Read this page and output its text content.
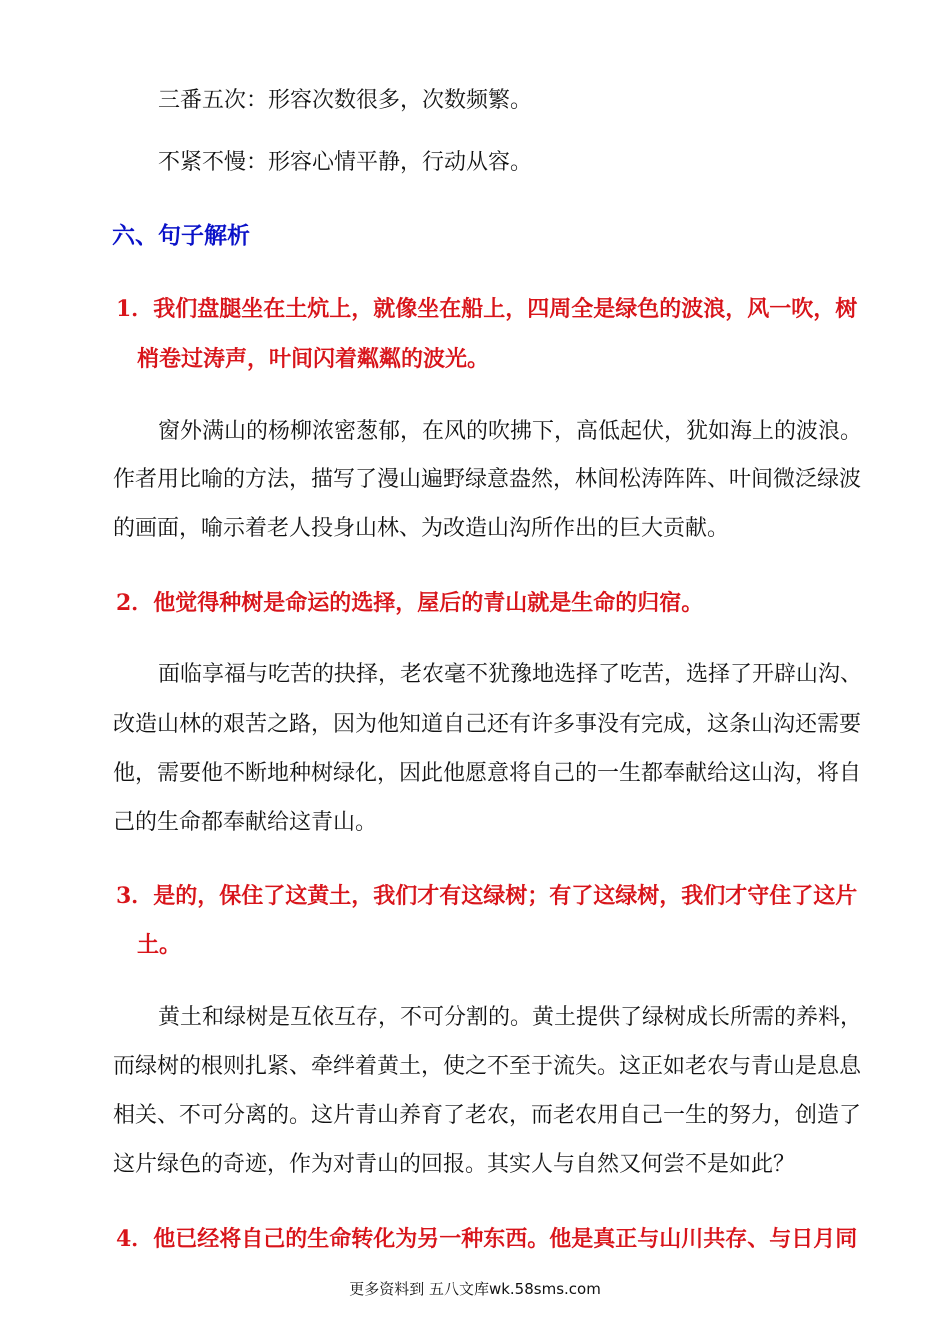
三番五次：形容次数很多，次数频繁。
不紧不慢：形容心情平静，行动从容。
六、句子解析
1．我们盘腿坐在土炕上，就像坐在船上，四周全是绿色的波浪，风一吹，树
梢卷过涛声，叶间闪着粼粼的波光。
窗外满山的杨柳浓密葱郁，在风的吹拂下，高低起伏，犹如海上的波浪。
作者用比喻的方法，描写了漫山遍野绿意盎然，林间松涛阵阵、叶间微泛绿波
的画面，喻示着老人投身山林、为改造山沟所作出的巨大贡献。
2．他觉得种树是命运的选择，屋后的青山就是生命的归宿。
面临享福与吃苦的抉择，老农毫不犹豫地选择了吃苦，选择了开辟山沟、
改造山林的艰苦之路，因为他知道自己还有许多事没有完成，这条山沟还需要
他，需要他不断地种树绿化，因此他愿意将自己的一生都奉献给这山沟，将自
己的生命都奉献给这青山。
3．是的，保住了这黄土，我们才有这绿树；有了这绿树，我们才守住了这片
土。
黄土和绿树是互依互存，不可分割的。黄土提供了绿树成长所需的养料，
而绿树的根则扎紧、牵绊着黄土，使之不至于流失。这正如老农与青山是息息
相关、不可分离的。这片青山养育了老农，而老农用自己一生的努力，创造了
这片绿色的奇迹，作为对青山的回报。其实人与自然又何尝不是如此？
4．他已经将自己的生命转化为另一种东西。他是真正与山川共存、与日月同
更多资料到 五八文库wk.58sms.com
